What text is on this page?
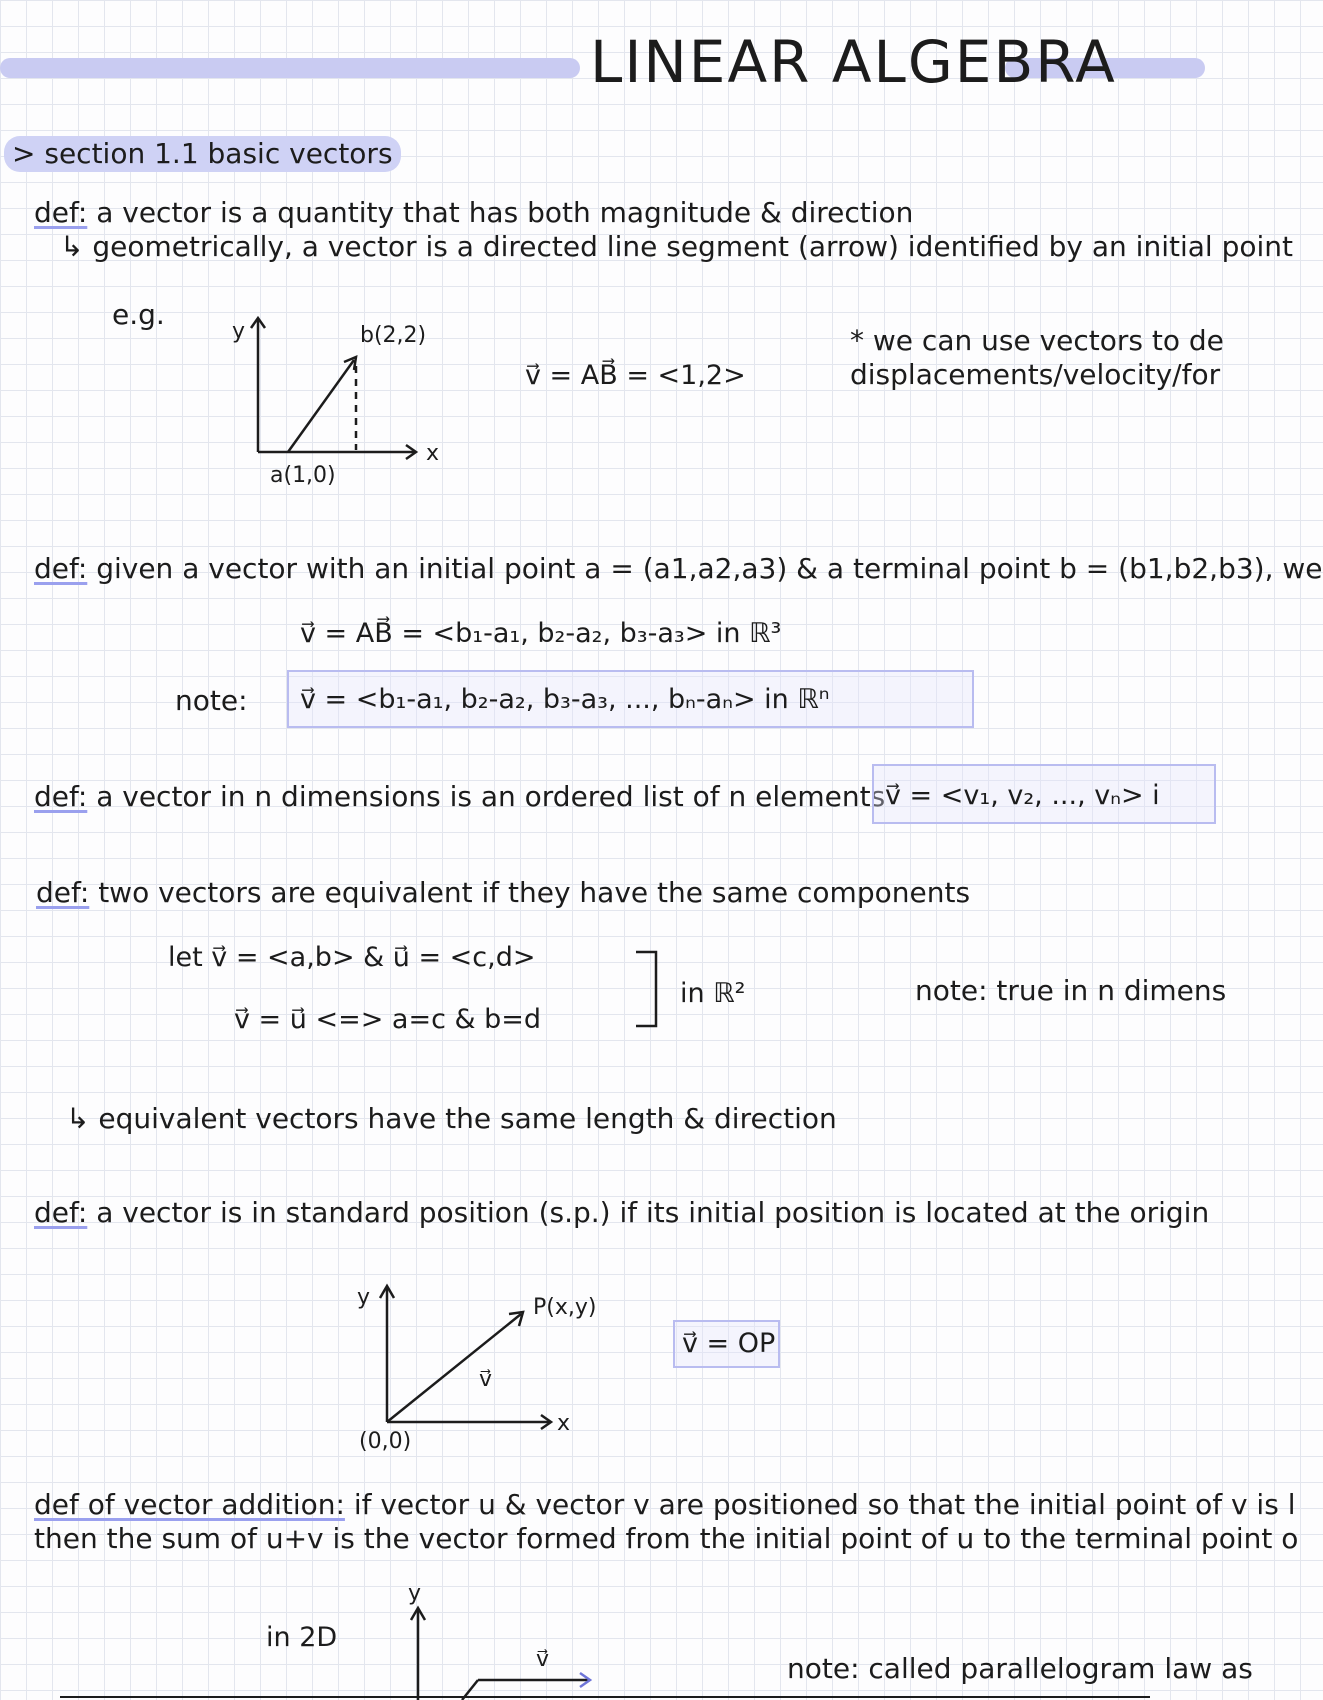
LINEAR ALGEBRA
> section 1.1 basic vectors
def: a vector is a quantity that has both magnitude & direction
↳ geometrically, a vector is a directed line segment (arrow) identified by an initial point
e.g.
y
x
b(2,2)
a(1,0)
v⃗ = AB⃗ = <1,2>
* we can use vectors to de
displacements/velocity/for
def: given a vector with an initial point a = (a1,a2,a3) & a terminal point b = (b1,b2,b3), we
v⃗ = AB⃗ = <b₁-a₁, b₂-a₂, b₃-a₃> in ℝ³
note: v⃗ = <b₁-a₁, b₂-a₂, b₃-a₃, ..., bₙ-aₙ> in ℝⁿ
def: a vector in n dimensions is an ordered list of n elements v⃗ = <v₁, v₂, ..., vₙ> i
def: two vectors are equivalent if they have the same components
let v⃗ = <a,b> & u⃗ = <c,d>
v⃗ = u⃗ <=> a=c & b=d
in ℝ²	note: true in n dimens
↳ equivalent vectors have the same length & direction
def: a vector is in standard position (s.p.) if its initial position is located at the origin
y
x
P(x,y)
v⃗
(0,0)
v⃗ = OP
def of vector addition: if vector u & vector v are positioned so that the initial point of v is l
then the sum of u+v is the vector formed from the initial point of u to the terminal point o
in 2D
y
v⃗	note: called parallelogram law as
